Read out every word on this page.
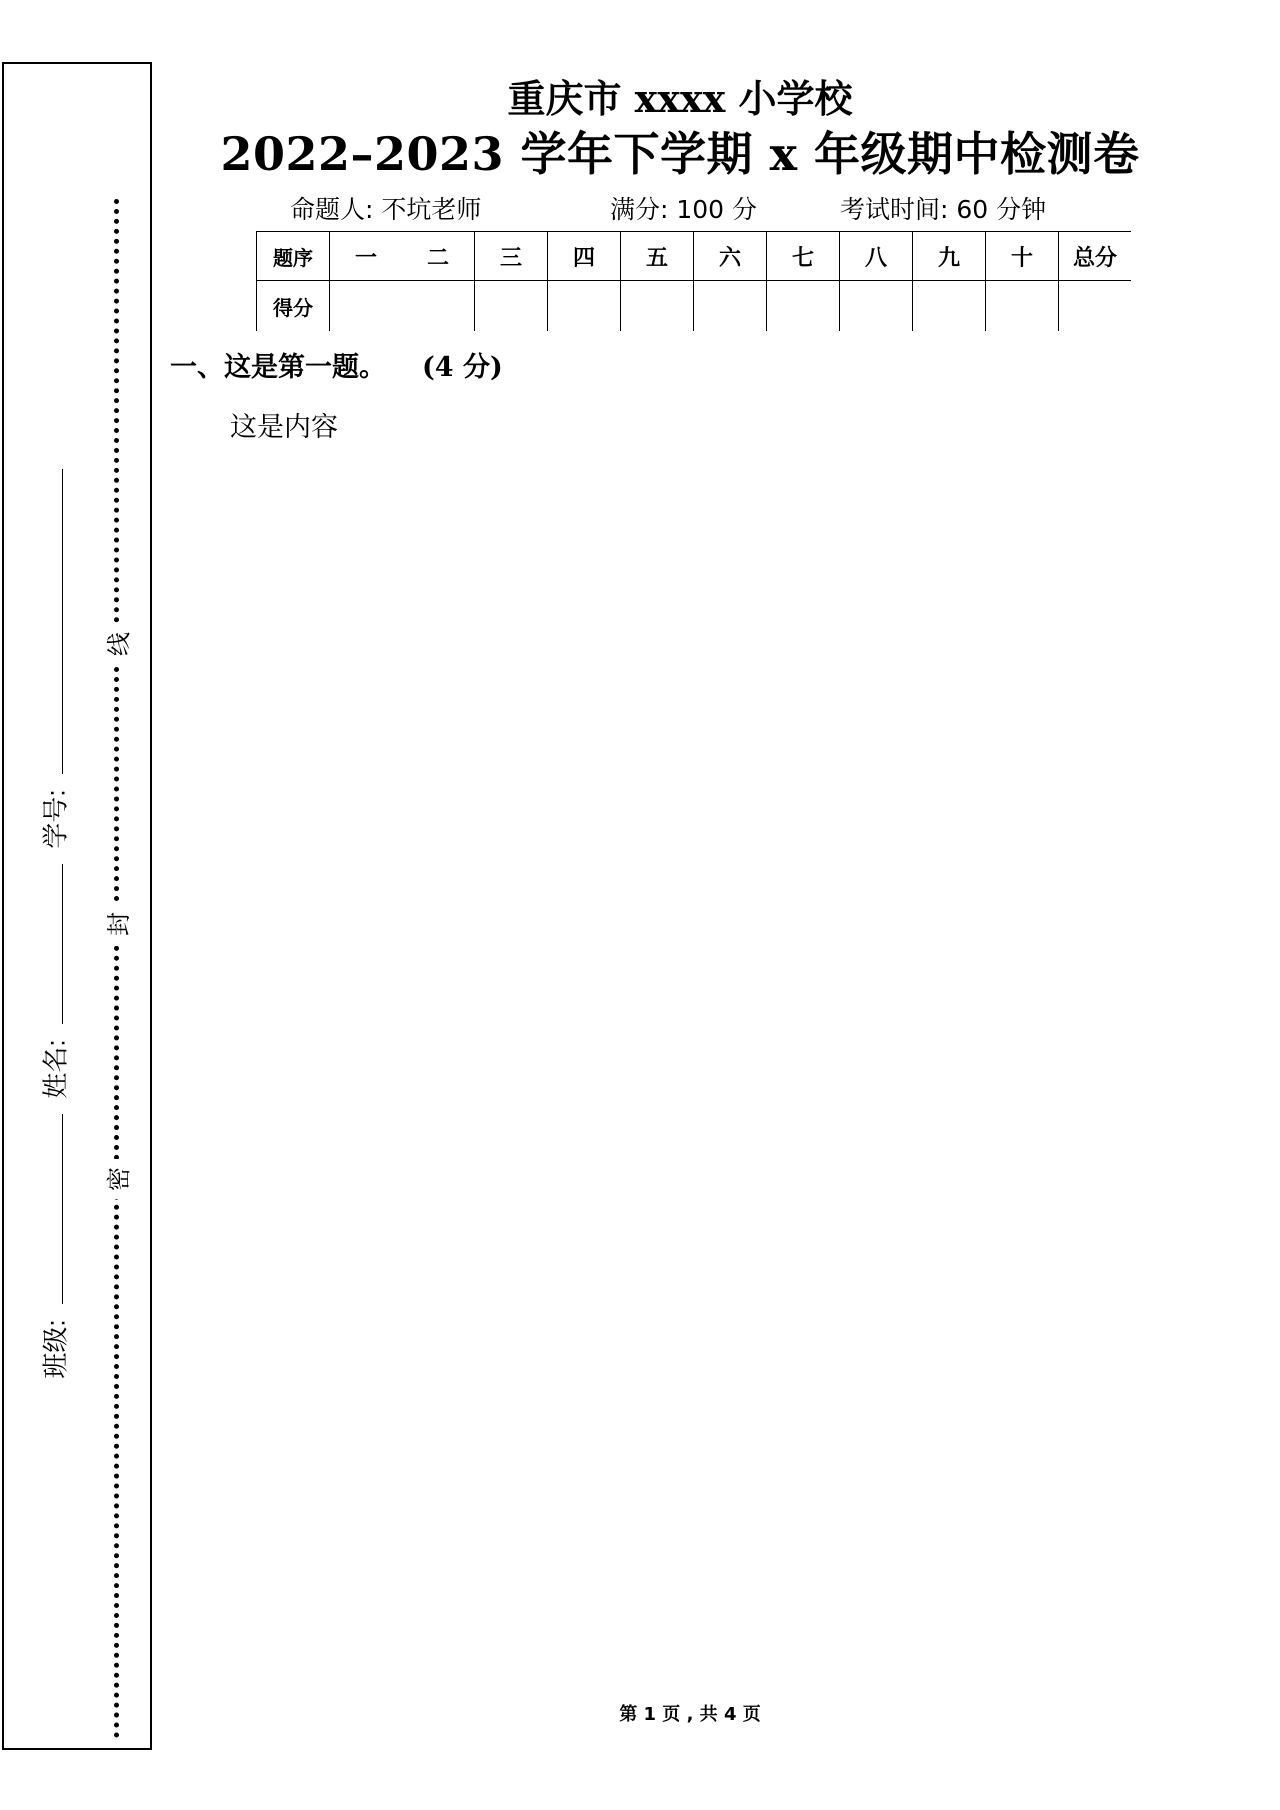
线
封
密
学号:
姓名:
班级:
重庆市 xxxx 小学校
2022–2023 学年下学期 x 年级期中检测卷
命题人: 不坑老师	满分: 100 分	考试时间: 60 分钟
题序	一	二	三	四	五	六	七	八	九	十	总分
得分											
一、这是第一题。 (4 分)
这是内容
第 1 页 , 共 4 页
